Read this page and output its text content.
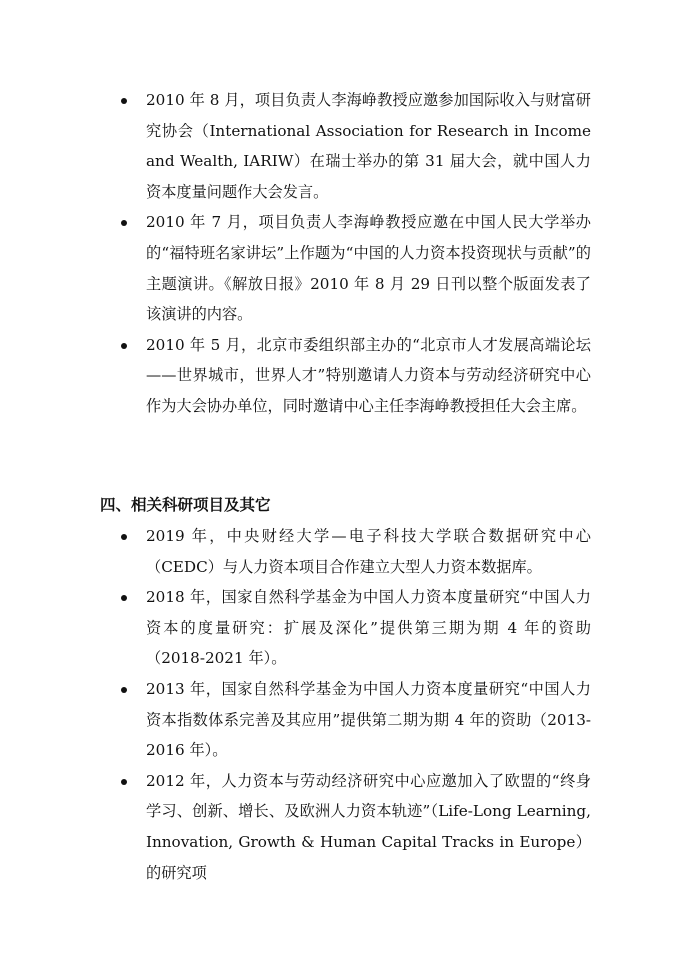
2010 年 8 月，项目负责人李海峥教授应邀参加国际收入与财富研究协会（International Association for Research in Income and Wealth, IARIW）在瑞士举办的第 31 届大会，就中国人力资本度量问题作大会发言。
2010 年 7 月，项目负责人李海峥教授应邀在中国人民大学举办的“福特班名家讲坛”上作题为“中国的人力资本投资现状与贡献”的主题演讲。《解放日报》2010 年 8 月 29 日刊以整个版面发表了该演讲的内容。
2010 年 5 月，北京市委组织部主办的“北京市人才发展高端论坛——世界城市，世界人才”特别邀请人力资本与劳动经济研究中心作为大会协办单位，同时邀请中心主任李海峥教授担任大会主席。
四、相关科研项目及其它
2019 年，中央财经大学—电子科技大学联合数据研究中心（CEDC）与人力资本项目合作建立大型人力资本数据库。
2018 年，国家自然科学基金为中国人力资本度量研究“中国人力资本的度量研究：扩展及深化”提供第三期为期 4 年的资助（2018-2021 年）。
2013 年，国家自然科学基金为中国人力资本度量研究“中国人力资本指数体系完善及其应用”提供第二期为期 4 年的资助（2013-2016 年）。
2012 年，人力资本与劳动经济研究中心应邀加入了欧盟的“终身学习、创新、增长、及欧洲人力资本轨迹”（Life-Long Learning, Innovation, Growth & Human Capital Tracks in Europe）的研究项
